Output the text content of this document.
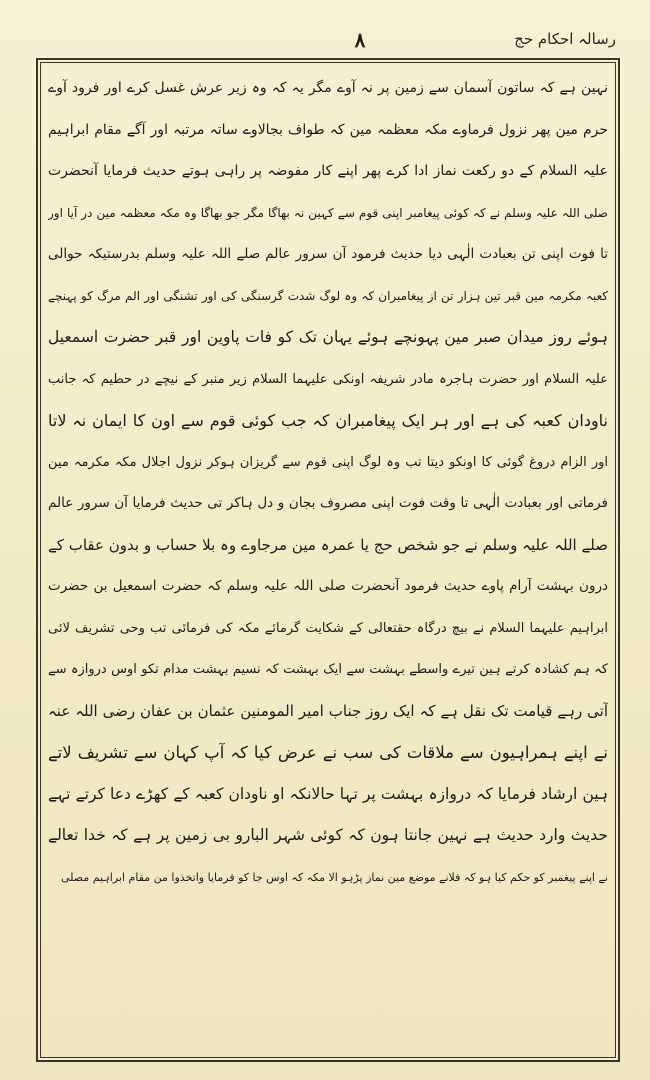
۸	رسالہ احکام حج
نہین ہے کہ ساتون آسمان سے زمین پر نہ آوے مگر یہ کہ وہ زیر عرش غسل کرے اور فرود آوے
حرم مین پھر نزول فرماوے مکہ معظمہ مین کہ طواف بجالاوے ساتہ مرتبہ اور آگے مقام ابراہیم
علیہ السلام کے دو رکعت نماز ادا کرے پھر اپنے کار مفوضہ پر راہی ہوتے حدیث فرمایا آنحضرت
صلی اللہ علیہ وسلم نے کہ کوئی پیغامبر اپنی قوم سے کہین نہ بھاگا مگر جو بھاگا وہ مکہ معظمہ مین در آیا اور
تا فوت اپنی تن بعبادت الٰہی دیا حدیث فرمود آن سرور عالم صلے اللہ علیہ وسلم بدرستیکہ حوالی
کعبہ مکرمہ مین قبر تین ہزار تن از پیغامبران کہ وہ لوگ شدت گرسنگی کی اور تشنگی اور الم مرگ کو پہنچے
ہوئے روز میدان صبر مین پہونچے ہوئے یہان تک کو فات پاوین اور قبر حضرت اسمعیل
علیہ السلام اور حضرت ہاجرہ مادر شریفہ اونکی علیہما السلام زیر منبر کے نیچے در حطیم کہ جانب
ناودان کعبہ کی ہے اور ہر ایک پیغامبران کہ جب کوئی قوم سے اون کا ایمان نہ لاتا
اور الزام دروغ گوئی کا اونکو دیتا تب وہ لوگ اپنی قوم سے گریزان ہوکر نزول اجلال مکہ مکرمہ مین
فرماتی اور بعبادت الٰہی تا وقت فوت اپنی مصروف بجان و دل ہاکر تی حدیث فرمایا آن سرور عالم
صلے اللہ علیہ وسلم نے جو شخص حج یا عمرہ مین مرجاوے وہ بلا حساب و بدون عقاب کے
درون بہشت آرام پاوے حدیث فرمود آنحضرت صلی اللہ علیہ وسلم کہ حضرت اسمعیل بن حضرت
ابراہیم علیہما السلام نے بیچ درگاہ حقتعالی کے شکایت گرمائے مکہ کی فرمائی تب وحی تشریف لائی
کہ ہم کشادہ کرتے ہین تیرے واسطے بہشت سے ایک بہشت کہ نسیم بہشت مدام تکو اوس دروازہ سے
آتی رہے قیامت تک نقل ہے کہ ایک روز جناب امیر المومنین عثمان بن عفان رضی اللہ عنہ
نے اپنے ہمراہیون سے ملاقات کی سب نے عرض کیا کہ آپ کہان سے تشریف لاتے
ہین ارشاد فرمایا کہ دروازہ بہشت پر تہا حالانکہ او ناودان کعبہ کے کھڑے دعا کرتے تہے
حدیث وارد حدیث ہے نہین جانتا ہون کہ کوئی شہر البارو بی زمین پر ہے کہ خدا تعالے
نے اپنے پیغمبر کو حکم کیا ہو کہ فلانے موضع مین نماز پڑہو الا مکہ کہ اوس جا کو فرمایا واتخذوا من مقام ابراہیم مصلی
